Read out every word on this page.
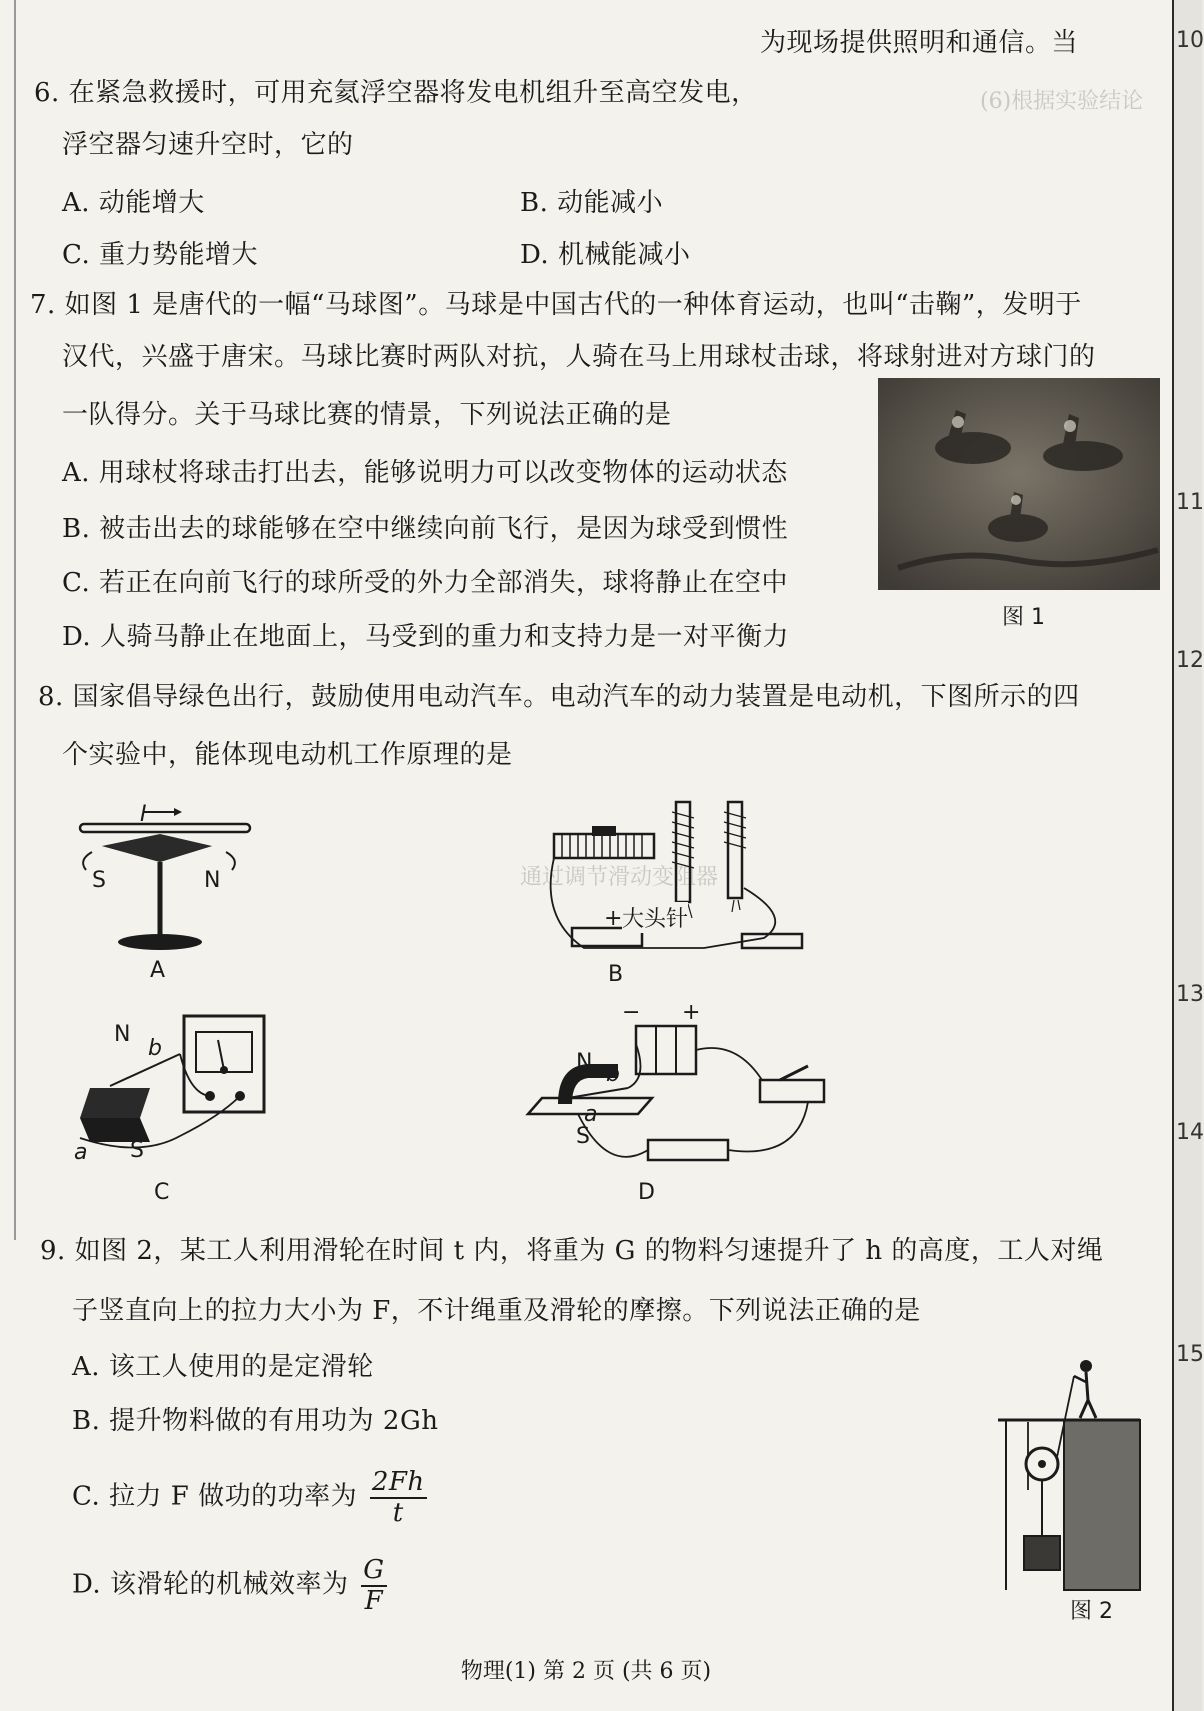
(6)根据实验结论
通过调节滑动变阻器
10
11
12
13
14
15
为现场提供照明和通信。当
6. 在紧急救援时，可用充氦浮空器将发电机组升至高空发电，
浮空器匀速升空时，它的
A. 动能增大	B. 动能减小
C. 重力势能增大	D. 机械能减小
7. 如图 1 是唐代的一幅“马球图”。马球是中国古代的一种体育运动，也叫“击鞠”，发明于
汉代，兴盛于唐宋。马球比赛时两队对抗，人骑在马上用球杖击球，将球射进对方球门的
一队得分。关于马球比赛的情景，下列说法正确的是
A. 用球杖将球击打出去，能够说明力可以改变物体的运动状态
B. 被击出去的球能够在空中继续向前飞行，是因为球受到惯性
C. 若正在向前飞行的球所受的外力全部消失，球将静止在空中
D. 人骑马静止在地面上，马受到的重力和支持力是一对平衡力
图 1
8. 国家倡导绿色出行，鼓励使用电动汽车。电动汽车的动力装置是电动机，下图所示的四
个实验中，能体现电动机工作原理的是
I
S	N
A
+ 大头针
B
N
b
a S
C
− +
N b
a
S
D
9. 如图 2，某工人利用滑轮在时间 t 内，将重为 G 的物料匀速提升了 h 的高度，工人对绳
子竖直向上的拉力大小为 F，不计绳重及滑轮的摩擦。下列说法正确的是
A. 该工人使用的是定滑轮
B. 提升物料做的有用功为 2Gh
C. 拉力 F 做功的功率为 $\frac{2Fh}{t}$
D. 该滑轮的机械效率为 $\frac{G}{F}$	图 2
物理(1) 第 2 页 (共 6 页)
